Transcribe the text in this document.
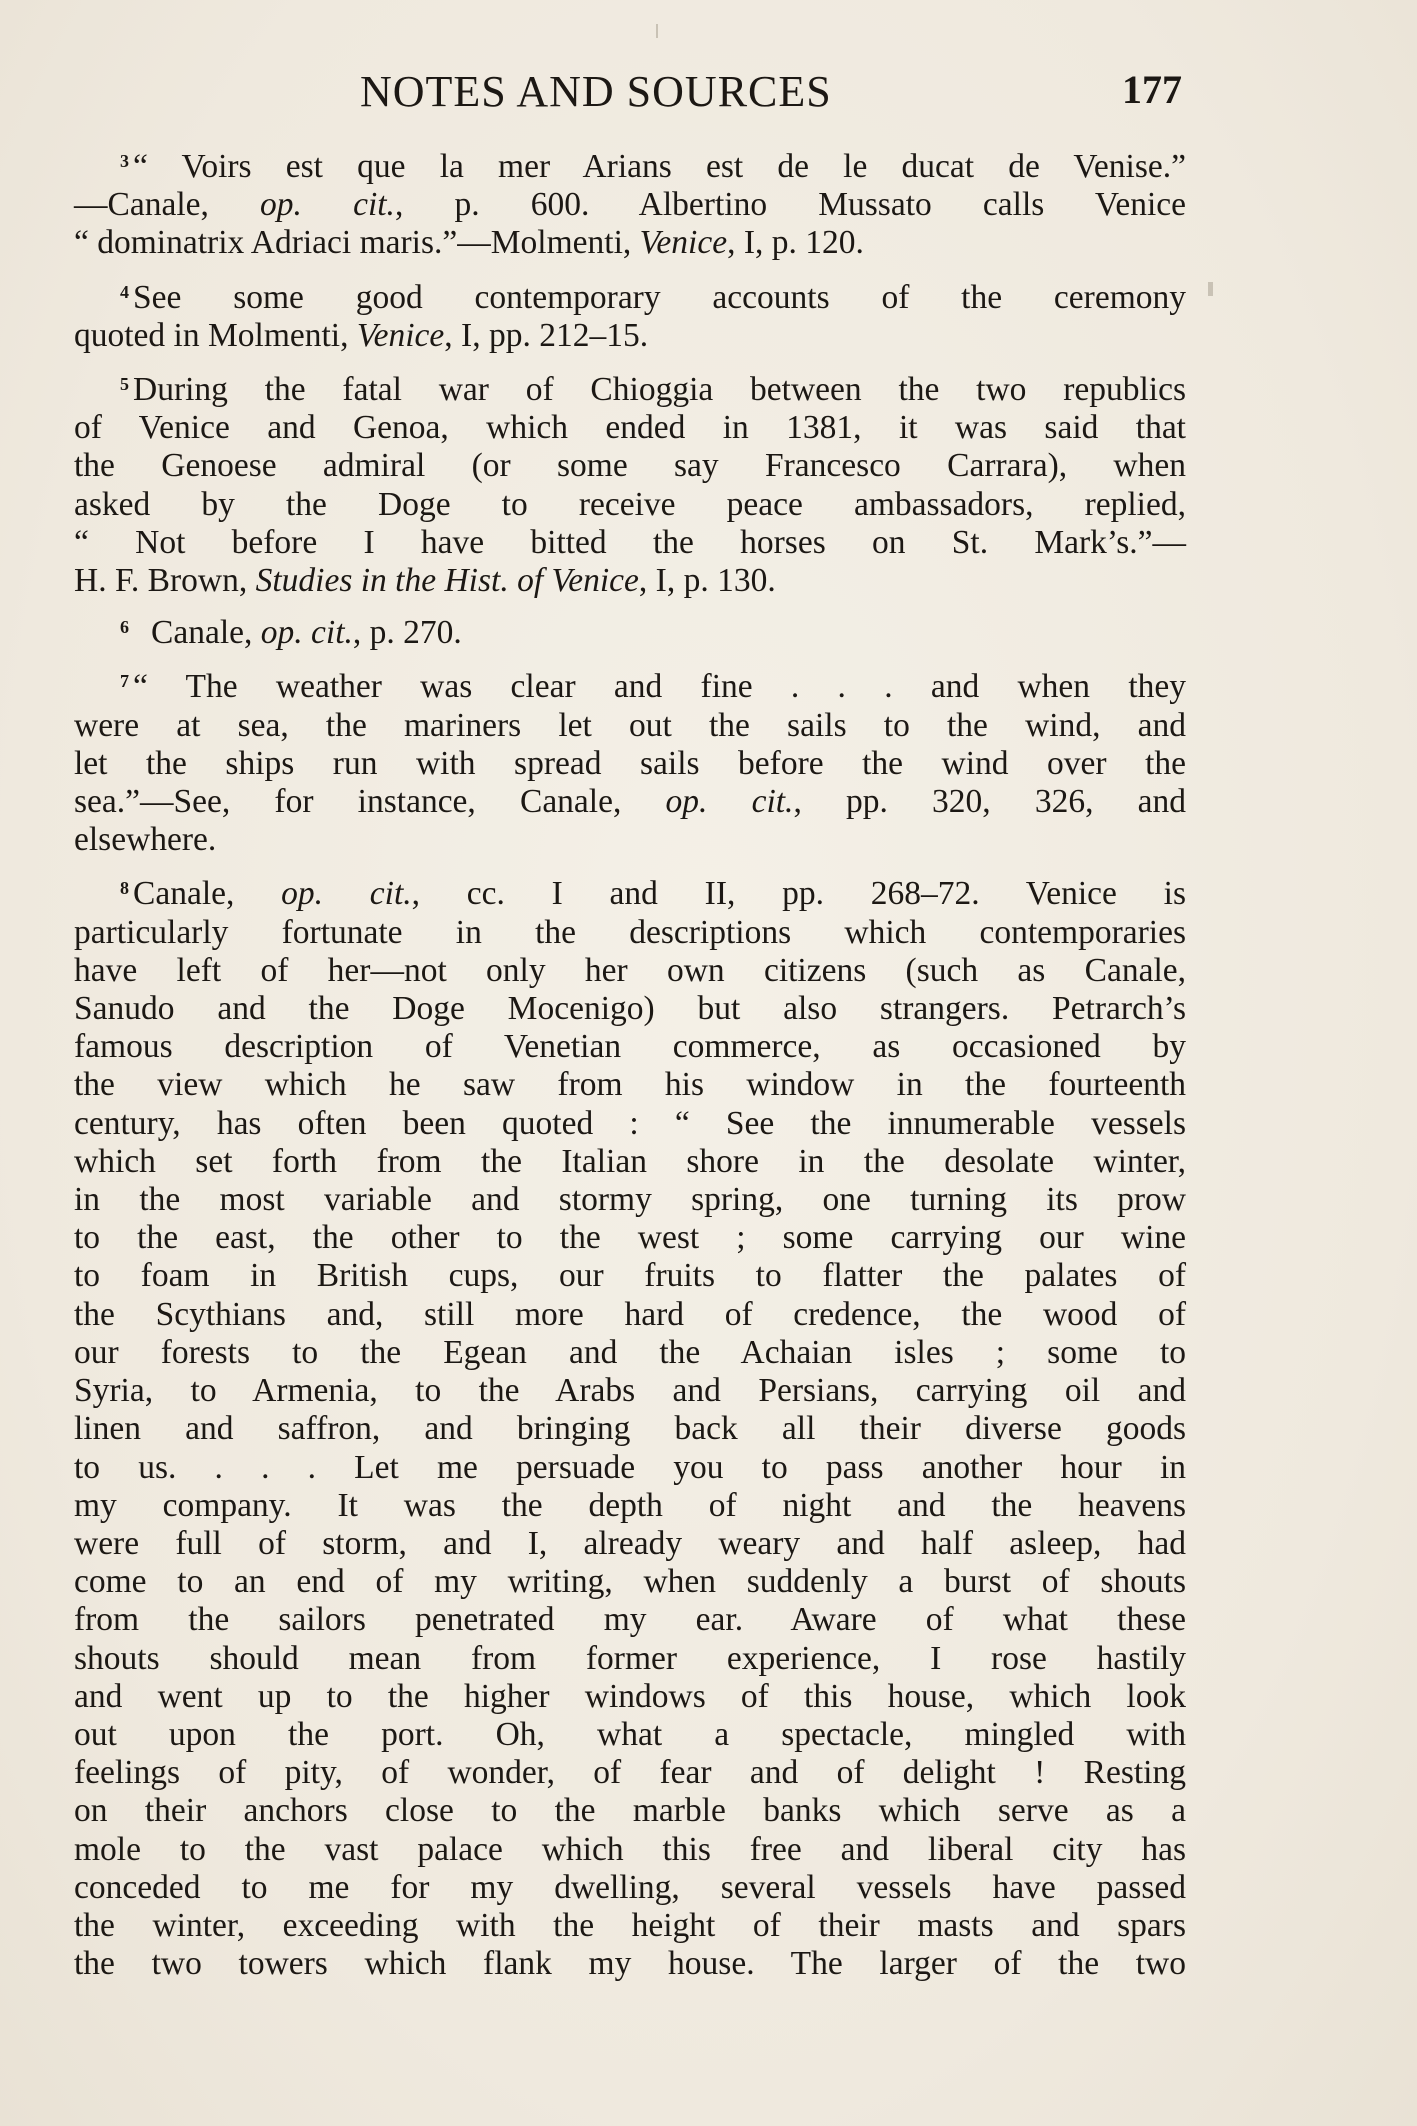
NOTES AND SOURCES	177
$^3$ “ Voirs est que la mer Arians est de le ducat de Venise.”
—Canale, op. cit., p. 600. Albertino Mussato calls Venice
“ dominatrix Adriaci maris.”—Molmenti, Venice, I, p. 120.
$^4$ See some good contemporary accounts of the ceremony
quoted in Molmenti, Venice, I, pp. 212–15.
$^5$ During the fatal war of Chioggia between the two republics
of Venice and Genoa, which ended in 1381, it was said that
the Genoese admiral (or some say Francesco Carrara), when
asked by the Doge to receive peace ambassadors, replied,
“ Not before I have bitted the horses on St. Mark’s.”—
H. F. Brown, Studies in the Hist. of Venice, I, p. 130.
$^6$ Canale, op. cit., p. 270.
$^7$ “ The weather was clear and fine . . . and when they
were at sea, the mariners let out the sails to the wind, and
let the ships run with spread sails before the wind over the
sea.”—See, for instance, Canale, op. cit., pp. 320, 326, and
elsewhere.
$^8$ Canale, op. cit., cc. I and II, pp. 268–72. Venice is
particularly fortunate in the descriptions which contemporaries
have left of her—not only her own citizens (such as Canale,
Sanudo and the Doge Mocenigo) but also strangers. Petrarch’s
famous description of Venetian commerce, as occasioned by
the view which he saw from his window in the fourteenth
century, has often been quoted : “ See the innumerable vessels
which set forth from the Italian shore in the desolate winter,
in the most variable and stormy spring, one turning its prow
to the east, the other to the west ; some carrying our wine
to foam in British cups, our fruits to flatter the palates of
the Scythians and, still more hard of credence, the wood of
our forests to the Egean and the Achaian isles ; some to
Syria, to Armenia, to the Arabs and Persians, carrying oil and
linen and saffron, and bringing back all their diverse goods
to us. . . . Let me persuade you to pass another hour in
my company. It was the depth of night and the heavens
were full of storm, and I, already weary and half asleep, had
come to an end of my writing, when suddenly a burst of shouts
from the sailors penetrated my ear. Aware of what these
shouts should mean from former experience, I rose hastily
and went up to the higher windows of this house, which look
out upon the port. Oh, what a spectacle, mingled with
feelings of pity, of wonder, of fear and of delight ! Resting
on their anchors close to the marble banks which serve as a
mole to the vast palace which this free and liberal city has
conceded to me for my dwelling, several vessels have passed
the winter, exceeding with the height of their masts and spars
the two towers which flank my house. The larger of the two
